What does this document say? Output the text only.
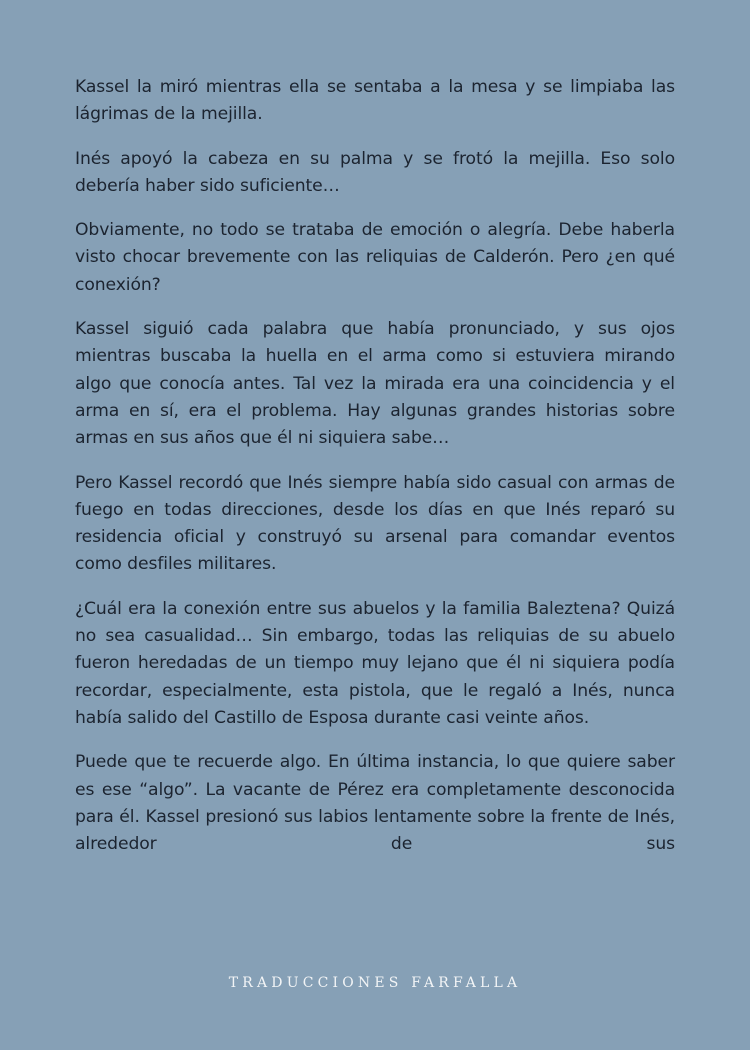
Kassel la miró mientras ella se sentaba a la mesa y se limpiaba las lágrimas de la mejilla.

Inés apoyó la cabeza en su palma y se frotó la mejilla. Eso solo debería haber sido suficiente…

Obviamente, no todo se trataba de emoción o alegría. Debe haberla visto chocar brevemente con las reliquias de Calderón. Pero ¿en qué conexión?

Kassel siguió cada palabra que había pronunciado, y sus ojos mientras buscaba la huella en el arma como si estuviera mirando algo que conocía antes. Tal vez la mirada era una coincidencia y el arma en sí, era el problema. Hay algunas grandes historias sobre armas en sus años que él ni siquiera sabe…

Pero Kassel recordó que Inés siempre había sido casual con armas de fuego en todas direcciones, desde los días en que Inés reparó su residencia oficial y construyó su arsenal para comandar eventos como desfiles militares.

¿Cuál era la conexión entre sus abuelos y la familia Baleztena? Quizá no sea casualidad… Sin embargo, todas las reliquias de su abuelo fueron heredadas de un tiempo muy lejano que él ni siquiera podía recordar, especialmente, esta pistola, que le regaló a Inés, nunca había salido del Castillo de Esposa durante casi veinte años.

Puede que te recuerde algo. En última instancia, lo que quiere saber es ese “algo”. La vacante de Pérez era completamente desconocida para él. Kassel presionó sus labios lentamente sobre la frente de Inés, alrededor de sus

TRADUCCIONES FARFALLA
